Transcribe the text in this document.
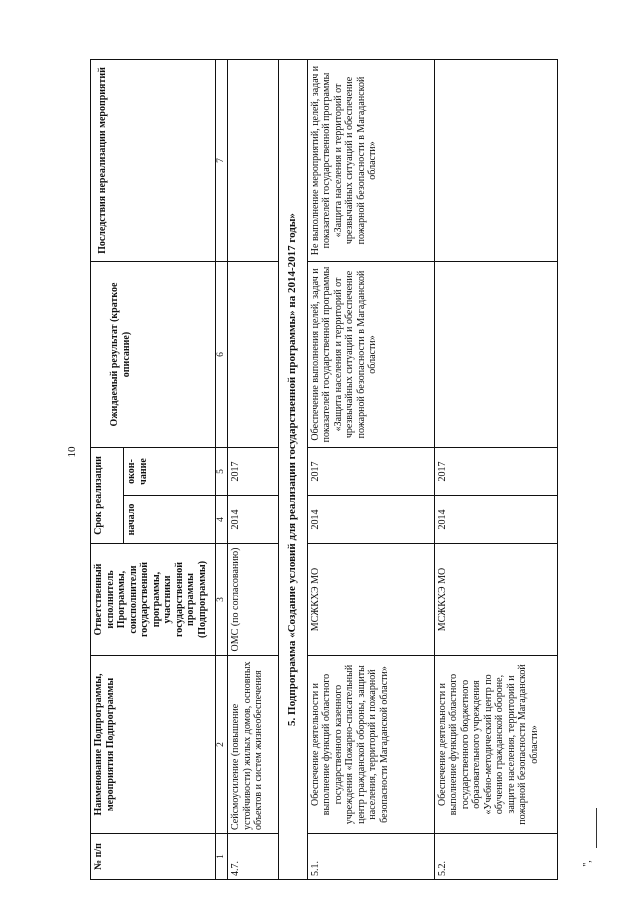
10
№ п/п	Наименование Подпрограммы, мероприятия Подпрограммы	Ответственный исполнитель Программы, соисполнители государственной программы, участники государственной программы (Подпрограммы)	Срок реализации		Ожидаемый результат (краткое описание)	Последствия нереализации мероприятий
			начало	окон-чание		
1	2	3	4	5	6	7
4.7.	Сейсмоусиление (повышение устойчивости) жилых домов, основных объектов и систем жизнеобеспечения	ОМС (по согласованию)	2014	2017		
5. Подпрограмма «Создание условий для реализации государственной программы» на 2014-2017 годы»						
5.1.	Обеспечение деятельности и выполнение функций областного государственного казенного учреждения «Пожарно-спасательный центр гражданской обороны, защиты населения, территорий и пожарной безопасности Магаданской области»	МСЖКХЭ МО	2014	2017	Обеспечение выполнения целей, задач и показателей государственной программы «Защита населения и территорий от чрезвычайных ситуаций и обеспечение пожарной безопасности в Магаданской области»	Не выполнение мероприятий, целей, задач и показателей государственной программы «Защита населения и территорий от чрезвычайных ситуаций и обеспечение пожарной безопасности в Магаданской области»
5.2.	Обеспечение деятельности и выполнение функций областного государственного бюджетного образовательного учреждения «Учебно-методический центр по обучению гражданской обороне, защите населения, территорий и пожарной безопасности Магаданской области»	МСЖКХЭ МО	2014	2017		
",
